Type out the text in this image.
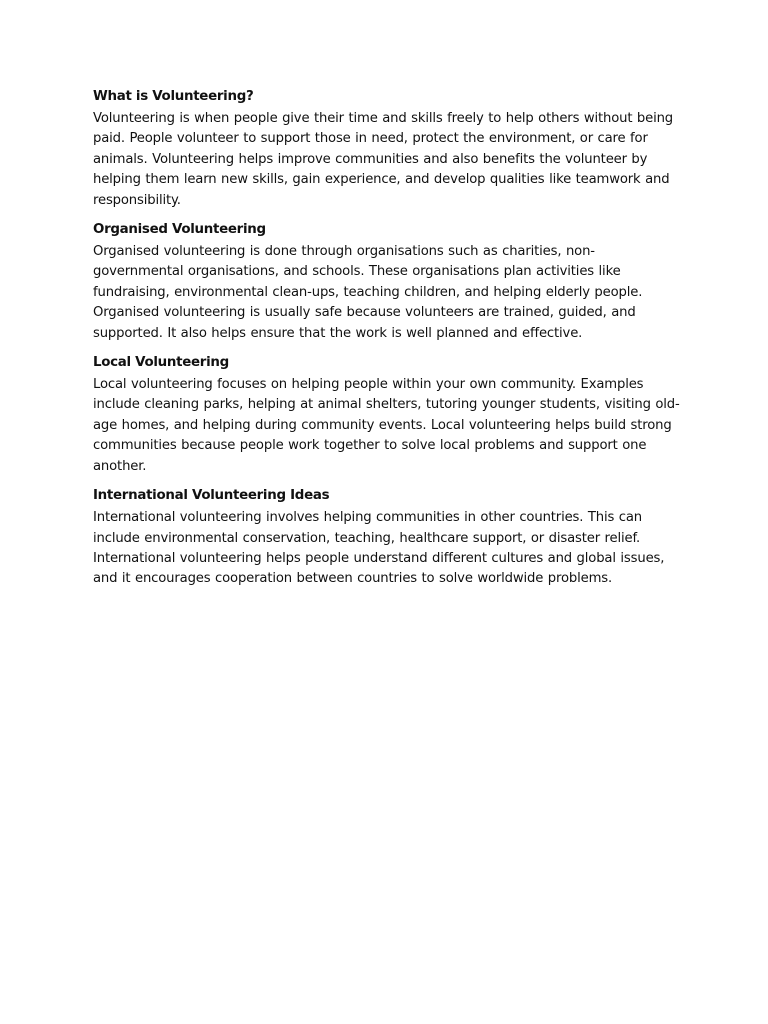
What is Volunteering?

Volunteering is when people give their time and skills freely to help others without being paid. People volunteer to support those in need, protect the environment, or care for animals. Volunteering helps improve communities and also benefits the volunteer by helping them learn new skills, gain experience, and develop qualities like teamwork and responsibility.

Organised Volunteering

Organised volunteering is done through organisations such as charities, non-governmental organisations, and schools. These organisations plan activities like fundraising, environmental clean-ups, teaching children, and helping elderly people. Organised volunteering is usually safe because volunteers are trained, guided, and supported. It also helps ensure that the work is well planned and effective.

Local Volunteering

Local volunteering focuses on helping people within your own community. Examples include cleaning parks, helping at animal shelters, tutoring younger students, visiting old-age homes, and helping during community events. Local volunteering helps build strong communities because people work together to solve local problems and support one another.

International Volunteering Ideas

International volunteering involves helping communities in other countries. This can include environmental conservation, teaching, healthcare support, or disaster relief. International volunteering helps people understand different cultures and global issues, and it encourages cooperation between countries to solve worldwide problems.
